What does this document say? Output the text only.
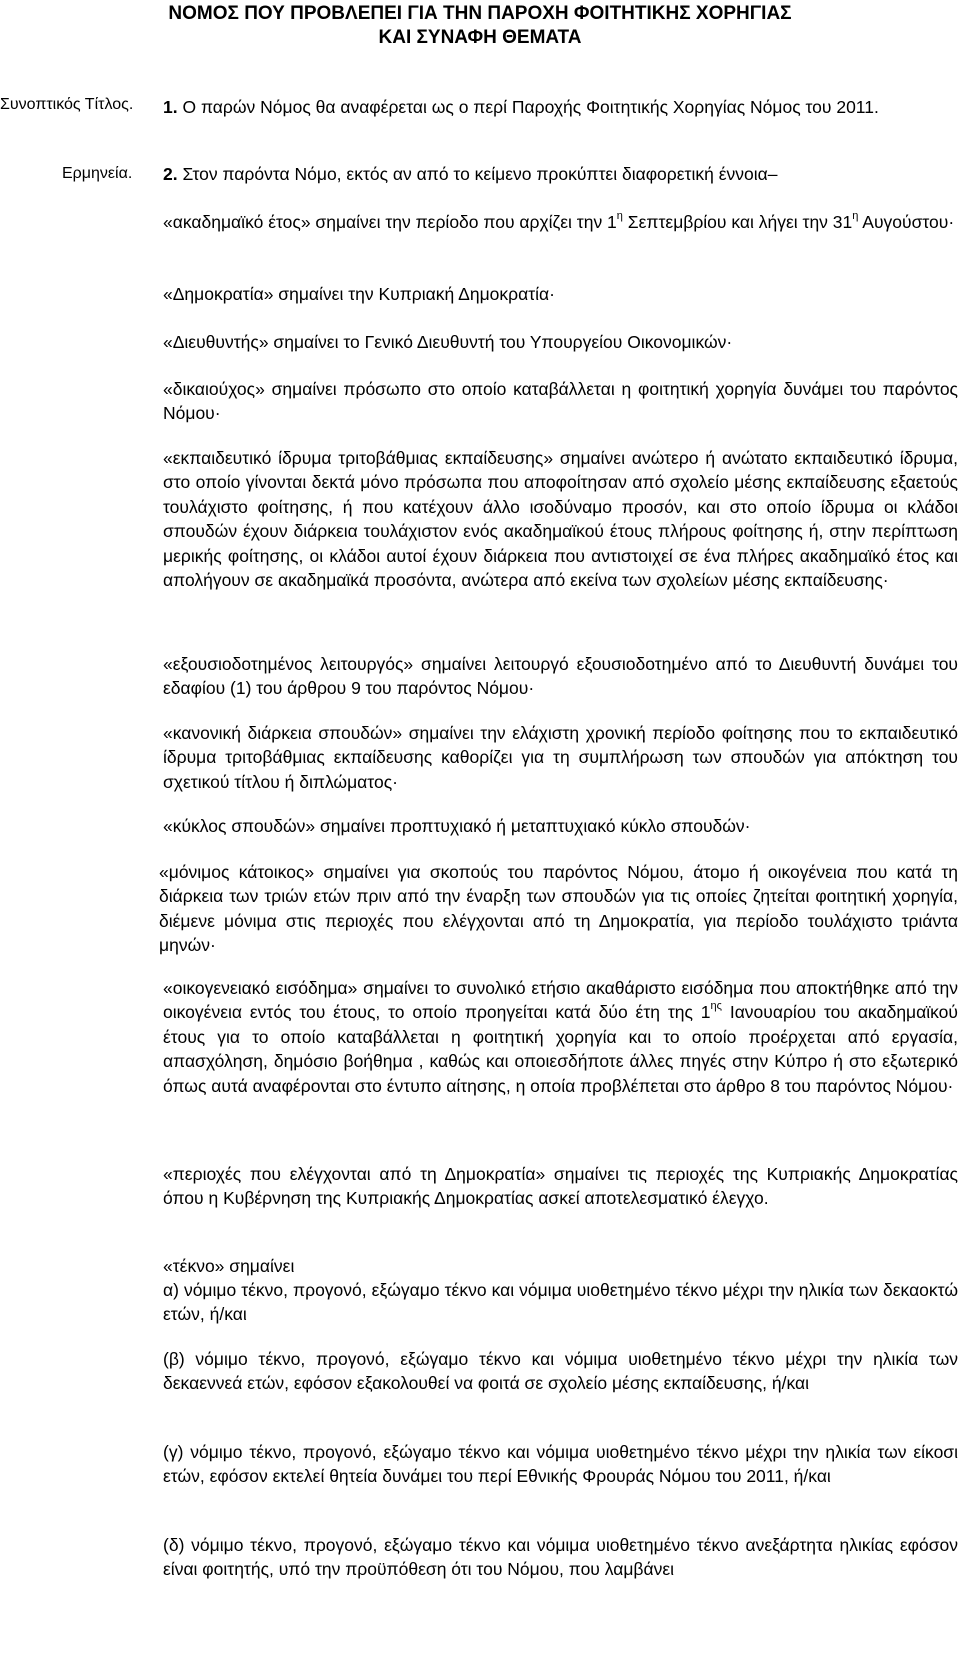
ΝΟΜΟΣ ΠΟΥ ΠΡΟΒΛΕΠΕΙ ΓΙΑ ΤΗΝ ΠΑΡΟΧΗ ΦΟΙΤΗΤΙΚΗΣ ΧΟΡΗΓΙΑΣ
ΚΑΙ ΣΥΝΑΦΗ ΘΕΜΑΤΑ
Συνοπτικός Τίτλος.
Ερμηνεία.
1. Ο παρών Νόμος θα αναφέρεται ως ο περί Παροχής Φοιτητικής Χορηγίας Νόμος του 2011.
2. Στον παρόντα Νόμο, εκτός αν από το κείμενο προκύπτει διαφορετική έννοια–
«ακαδημαϊκό έτος» σημαίνει την περίοδο που αρχίζει την $1^\eta$ Σεπτεμβρίου και λήγει την $31^\eta$ Αυγούστου·
«Δημοκρατία» σημαίνει την Κυπριακή Δημοκρατία·
«Διευθυντής» σημαίνει το Γενικό Διευθυντή του Υπουργείου Οικονομικών·
«δικαιούχος» σημαίνει πρόσωπο στο οποίο καταβάλλεται η φοιτητική χορηγία δυνάμει του παρόντος Νόμου·
«εκπαιδευτικό ίδρυμα τριτοβάθμιας εκπαίδευσης» σημαίνει ανώτερο ή ανώτατο εκπαιδευτικό ίδρυμα, στο οποίο γίνονται δεκτά μόνο πρόσωπα που αποφοίτησαν από σχολείο μέσης εκπαίδευσης εξαετούς τουλάχιστο φοίτησης, ή που κατέχουν άλλο ισοδύναμο προσόν, και στο οποίο ίδρυμα οι κλάδοι σπουδών έχουν διάρκεια τουλάχιστον ενός ακαδημαϊκού έτους πλήρους φοίτησης ή, στην περίπτωση μερικής φοίτησης, οι κλάδοι αυτοί έχουν διάρκεια που αντιστοιχεί σε ένα πλήρες ακαδημαϊκό έτος και απολήγουν σε ακαδημαϊκά προσόντα, ανώτερα από εκείνα των σχολείων μέσης εκπαίδευσης·
«εξουσιοδοτημένος λειτουργός» σημαίνει λειτουργό εξουσιοδοτημένο από το Διευθυντή δυνάμει του εδαφίου (1) του άρθρου 9 του παρόντος Νόμου·
«κανονική διάρκεια σπουδών» σημαίνει την ελάχιστη χρονική περίοδο φοίτησης που το εκπαιδευτικό ίδρυμα τριτοβάθμιας εκπαίδευσης καθορίζει για τη συμπλήρωση των σπουδών για απόκτηση του σχετικού τίτλου ή διπλώματος·
«κύκλος σπουδών» σημαίνει προπτυχιακό ή μεταπτυχιακό κύκλο σπουδών·
«μόνιμος κάτοικος» σημαίνει για σκοπούς του παρόντος Νόμου, άτομο ή οικογένεια που κατά τη διάρκεια των τριών ετών πριν από την έναρξη των σπουδών για τις οποίες ζητείται φοιτητική χορηγία, διέμενε μόνιμα στις περιοχές που ελέγχονται από τη Δημοκρατία, για περίοδο τουλάχιστο τριάντα μηνών·
«οικογενειακό εισόδημα» σημαίνει το συνολικό ετήσιο ακαθάριστο εισόδημα που αποκτήθηκε από την οικογένεια εντός του έτους, το οποίο προηγείται κατά δύο έτη της $1^{\eta\varsigma}$ Ιανουαρίου του ακαδημαϊκού έτους για το οποίο καταβάλλεται η φοιτητική χορηγία και το οποίο προέρχεται από εργασία, απασχόληση, δημόσιο βοήθημα , καθώς και οποιεσδήποτε άλλες πηγές στην Κύπρο ή στο εξωτερικό όπως αυτά αναφέρονται στο έντυπο αίτησης, η οποία προβλέπεται στο άρθρο 8 του παρόντος Νόμου·
«περιοχές που ελέγχονται από τη Δημοκρατία» σημαίνει τις περιοχές της Κυπριακής Δημοκρατίας όπου η Κυβέρνηση της Κυπριακής Δημοκρατίας ασκεί αποτελεσματικό έλεγχο.
«τέκνο» σημαίνει
α) νόμιμο τέκνο, προγονό, εξώγαμο τέκνο και νόμιμα υιοθετημένο τέκνο μέχρι την ηλικία των δεκαοκτώ ετών, ή/και
(β) νόμιμο τέκνο, προγονό, εξώγαμο τέκνο και νόμιμα υιοθετημένο τέκνο μέχρι την ηλικία των δεκαεννεά ετών, εφόσον εξακολουθεί να φοιτά σε σχολείο μέσης εκπαίδευσης, ή/και
(γ) νόμιμο τέκνο, προγονό, εξώγαμο τέκνο και νόμιμα υιοθετημένο τέκνο μέχρι την ηλικία των είκοσι ετών, εφόσον εκτελεί θητεία δυνάμει του περί Εθνικής Φρουράς Νόμου του 2011, ή/και
(δ) νόμιμο τέκνο, προγονό, εξώγαμο τέκνο και νόμιμα υιοθετημένο τέκνο ανεξάρτητα ηλικίας εφόσον είναι φοιτητής, υπό την προϋπόθεση ότι του Νόμου, που λαμβάνει
